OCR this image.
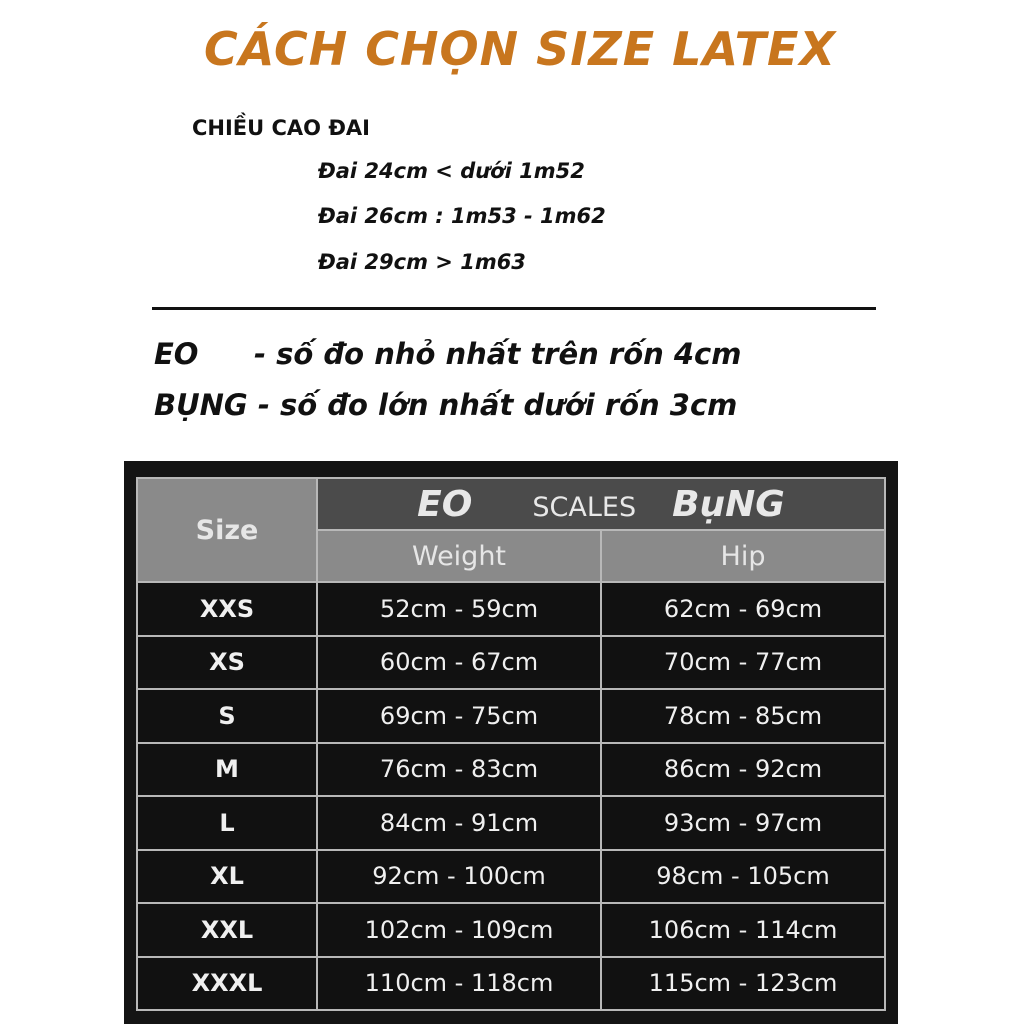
CÁCH CHỌN SIZE LATEX
CHIỀU CAO ĐAI
Đai 24cm < dưới 1m52
Đai 26cm : 1m53 - 1m62
Đai 29cm > 1m63
EO - số đo nhỏ nhất trên rốn 4cm
BỤNG - số đo lớn nhất dưới rốn 3cm
Size	EO SCALES BụNG	
	Weight	Hip
XXS	52cm - 59cm	62cm - 69cm
XS	60cm - 67cm	70cm - 77cm
S	69cm - 75cm	78cm - 85cm
M	76cm - 83cm	86cm - 92cm
L	84cm - 91cm	93cm - 97cm
XL	92cm - 100cm	98cm - 105cm
XXL	102cm - 109cm	106cm - 114cm
XXXL	110cm - 118cm	115cm - 123cm
